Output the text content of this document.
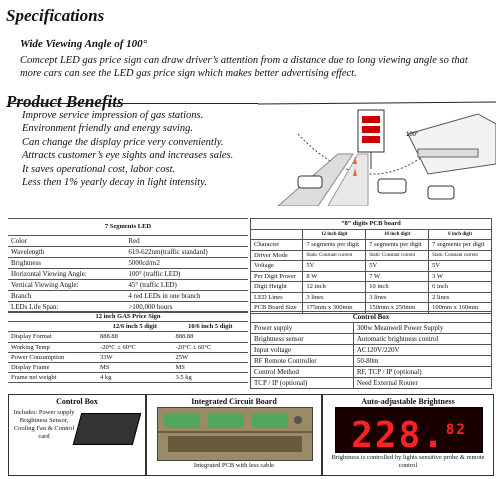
Specifications
Wide Viewing Angle of 100°
Comcept LED gas price sign can draw driver’s attention from a distance due to long viewing angle so that more cars can see the LED gas price sign which makes better advertising effect.
Product Benefits
Improve service impression of gas stations.
Environment friendly and energy saving.
Can change the display price very conveniently.
Attracts customer’s eye sights and increases sales.
It saves operational cost, labor cost.
Less then 1% yearly decay in light intensity.
100°
7 Segments LED	
Color	Red
Wavelength	619-622nm(traffic standard)
Brightness	5000cd/m2
Horizontal Viewing Angle:	100° (traffic LED)
Vertical Viewing Angle:	45° (traffic LED)
Branch	4 red LEDs in one branch
LEDs Life Span:	>100,000 hours
“8” digits PCB board			
	12 inch digit	16 inch digit	6 inch digit
Character	7 segments per digit	7 segments per digit	7 segments per digit
Driver Mode	Static Constant current	Static Constant current	Static Constant current
Voltage	5V	5V	5V
Per Digit Power	8 W	7 W	3 W
Digit Height	12 inch	10 inch	6 inch
LED Lines	3 lines	3 lines	2 lines
PCB Board Size	175mm x 300mm	150mm x 250mm	100mm x 160mm
12 inch GAS Price Sign		
	12/6 inch 5 digit	10/6 inch 5 digit
Display Format	888.88	888.88
Working Temp	-20°C ± 60°C	-20°C ± 60°C
Power Consumption	33W	25W
Display Frame	MS	MS
Frame net weight	4 kg	3.5 kg
Control Box	
Power supply	300w Meanwell Power Supply
Brightness sensor	Automatic brightness control
Input voltage	AC120V/220V
RF Remote Controller	50-80m
Control Method	RF, TCP / IP (optional)
TCP / IP (optional)	Need External Router
Control Box
Includes: Power supply Brightness Sensor, Cooling Fan & Control card
Integrated Circuit Board
Integrated PCB with less cable
Auto-adjustable Brightness
228.82
Brightness is controlled by lights sensitive probe & remote control
